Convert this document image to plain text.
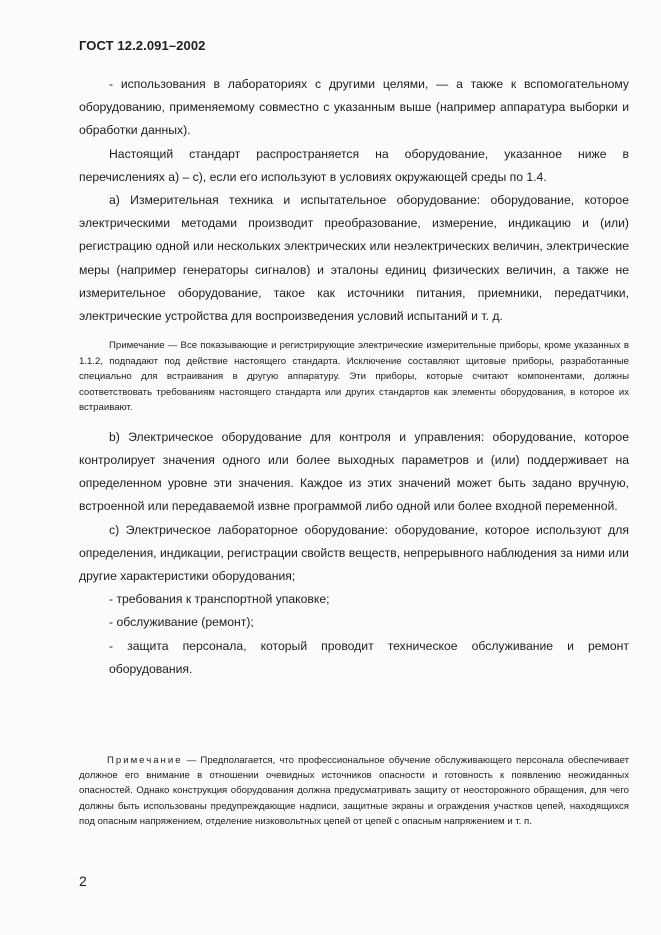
ГОСТ 12.2.091–2002

- использования в лабораториях с другими целями, — а также к вспомогательному оборудованию, применяемому совместно с указанным выше (например аппаратура выборки и обработки данных).

Настоящий стандарт распространяется на оборудование, указанное ниже в перечислениях а) – с), если его используют в условиях окружающей среды по 1.4.

а) Измерительная техника и испытательное оборудование: оборудование, которое электрическими методами производит преобразование, измерение, индикацию и (или) регистрацию одной или нескольких электрических или неэлектрических величин, электрические меры (например генераторы сигналов) и эталоны единиц физических величин, а также не измерительное оборудование, такое как источники питания, приемники, передатчики, электрические устройства для воспроизведения условий испытаний и т. д.

Примечание — Все показывающие и регистрирующие электрические измерительные приборы, кроме указанных в 1.1.2, подпадают под действие настоящего стандарта. Исключение составляют щитовые приборы, разработанные специально для встраивания в другую аппаратуру. Эти приборы, которые считают компонентами, должны соответствовать требованиям настоящего стандарта или других стандартов как элементы оборудования, в которое их встраивают.

b) Электрическое оборудование для контроля и управления: оборудование, которое контролирует значения одного или более выходных параметров и (или) поддерживает на определенном уровне эти значения. Каждое из этих значений может быть задано вручную, встроенной или передаваемой извне программой либо одной или более входной переменной.

с) Электрическое лабораторное оборудование: оборудование, которое используют для определения, индикации, регистрации свойств веществ, непрерывного наблюдения за ними или другие характеристики оборудования;

- требования к транспортной упаковке;

- обслуживание (ремонт);

- защита персонала, который проводит техническое обслуживание и ремонт оборудования.

Примечание — Предполагается, что профессиональное обучение обслуживающего персонала обеспечивает должное его внимание в отношении очевидных источников опасности и готовность к появлению неожиданных опасностей. Однако конструкция оборудования должна предусматривать защиту от неосторожного обращения, для чего должны быть использованы предупреждающие надписи, защитные экраны и ограждения участков цепей, находящихся под опасным напряжением, отделение низковольтных цепей от цепей с опасным напряжением и т. п.

2
